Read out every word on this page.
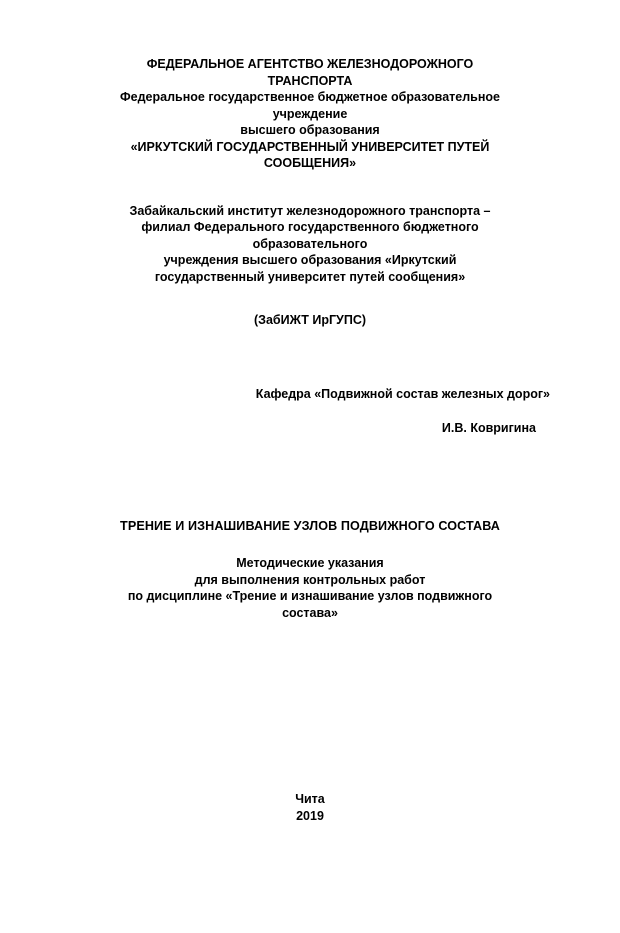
ФЕДЕРАЛЬНОЕ АГЕНТСТВО ЖЕЛЕЗНОДОРОЖНОГО
ТРАНСПОРТА
Федеральное государственное бюджетное образовательное
учреждение
высшего образования
«ИРКУТСКИЙ ГОСУДАРСТВЕННЫЙ УНИВЕРСИТЕТ ПУТЕЙ
СООБЩЕНИЯ»
Забайкальский институт железнодорожного транспорта –
филиал Федерального государственного бюджетного
образовательного
учреждения высшего образования «Иркутский
государственный университет путей сообщения»
(ЗабИЖТ ИрГУПС)
Кафедра «Подвижной состав железных дорог»
И.В. Ковригина
ТРЕНИЕ И ИЗНАШИВАНИЕ УЗЛОВ ПОДВИЖНОГО СОСТАВА
Методические указания
для выполнения контрольных работ
по дисциплине «Трение и изнашивание узлов подвижного
состава»
Чита
2019
